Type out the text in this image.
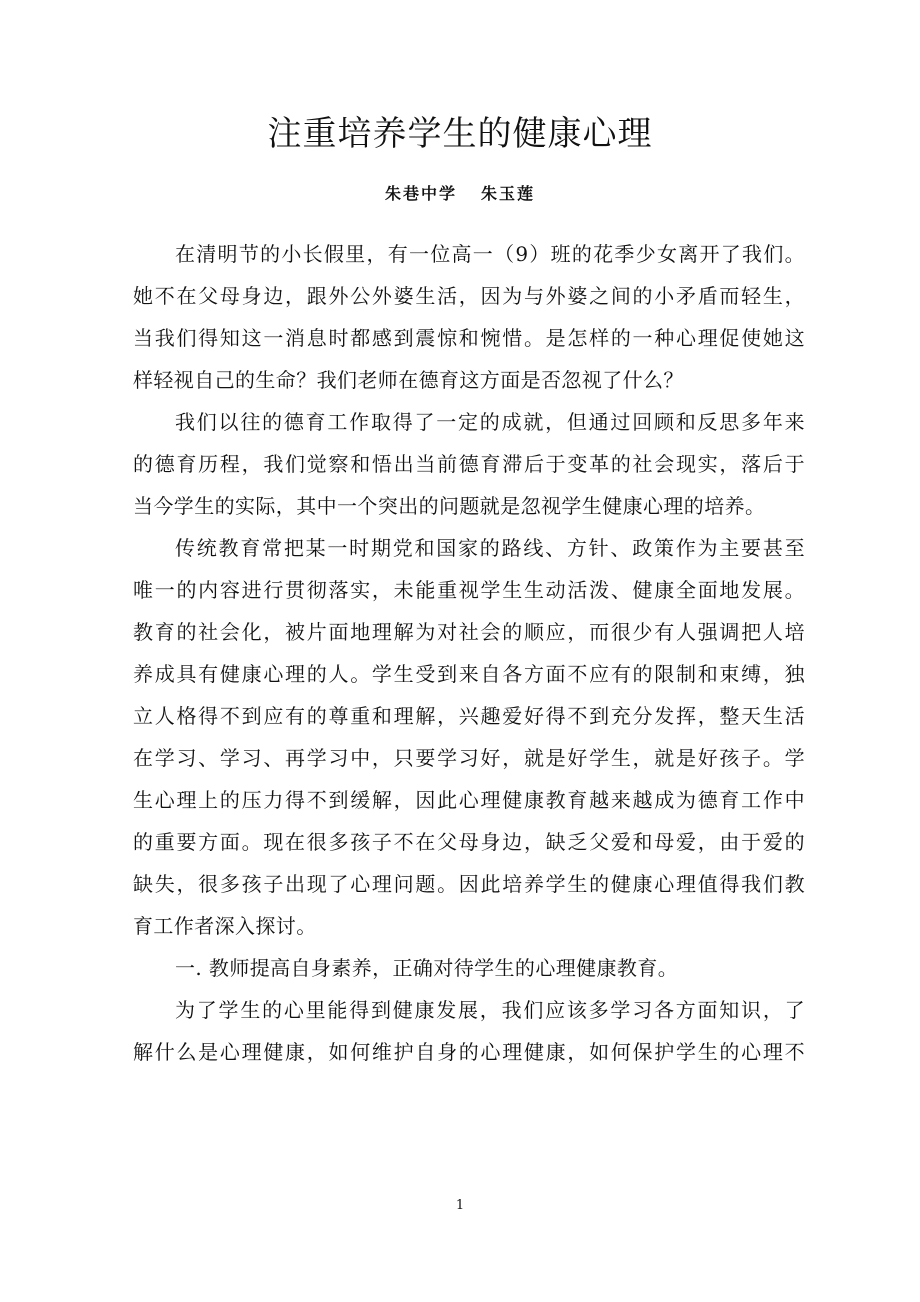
注重培养学生的健康心理
朱巷中学 朱玉莲

在清明节的小长假里，有一位高一（9）班的花季少女离开了我们。

她不在父母身边，跟外公外婆生活，因为与外婆之间的小矛盾而轻生，

当我们得知这一消息时都感到震惊和惋惜。是怎样的一种心理促使她这

样轻视自己的生命？我们老师在德育这方面是否忽视了什么？

我们以往的德育工作取得了一定的成就，但通过回顾和反思多年来

的德育历程，我们觉察和悟出当前德育滞后于变革的社会现实，落后于

当今学生的实际，其中一个突出的问题就是忽视学生健康心理的培养。

传统教育常把某一时期党和国家的路线、方针、政策作为主要甚至

唯一的内容进行贯彻落实，未能重视学生生动活泼、健康全面地发展。

教育的社会化，被片面地理解为对社会的顺应，而很少有人强调把人培

养成具有健康心理的人。学生受到来自各方面不应有的限制和束缚，独

立人格得不到应有的尊重和理解，兴趣爱好得不到充分发挥，整天生活

在学习、学习、再学习中，只要学习好，就是好学生，就是好孩子。学

生心理上的压力得不到缓解，因此心理健康教育越来越成为德育工作中

的重要方面。现在很多孩子不在父母身边，缺乏父爱和母爱，由于爱的

缺失，很多孩子出现了心理问题。因此培养学生的健康心理值得我们教

育工作者深入探讨。

一. 教师提高自身素养，正确对待学生的心理健康教育。

为了学生的心里能得到健康发展，我们应该多学习各方面知识，了

解什么是心理健康，如何维护自身的心理健康，如何保护学生的心理不

1
